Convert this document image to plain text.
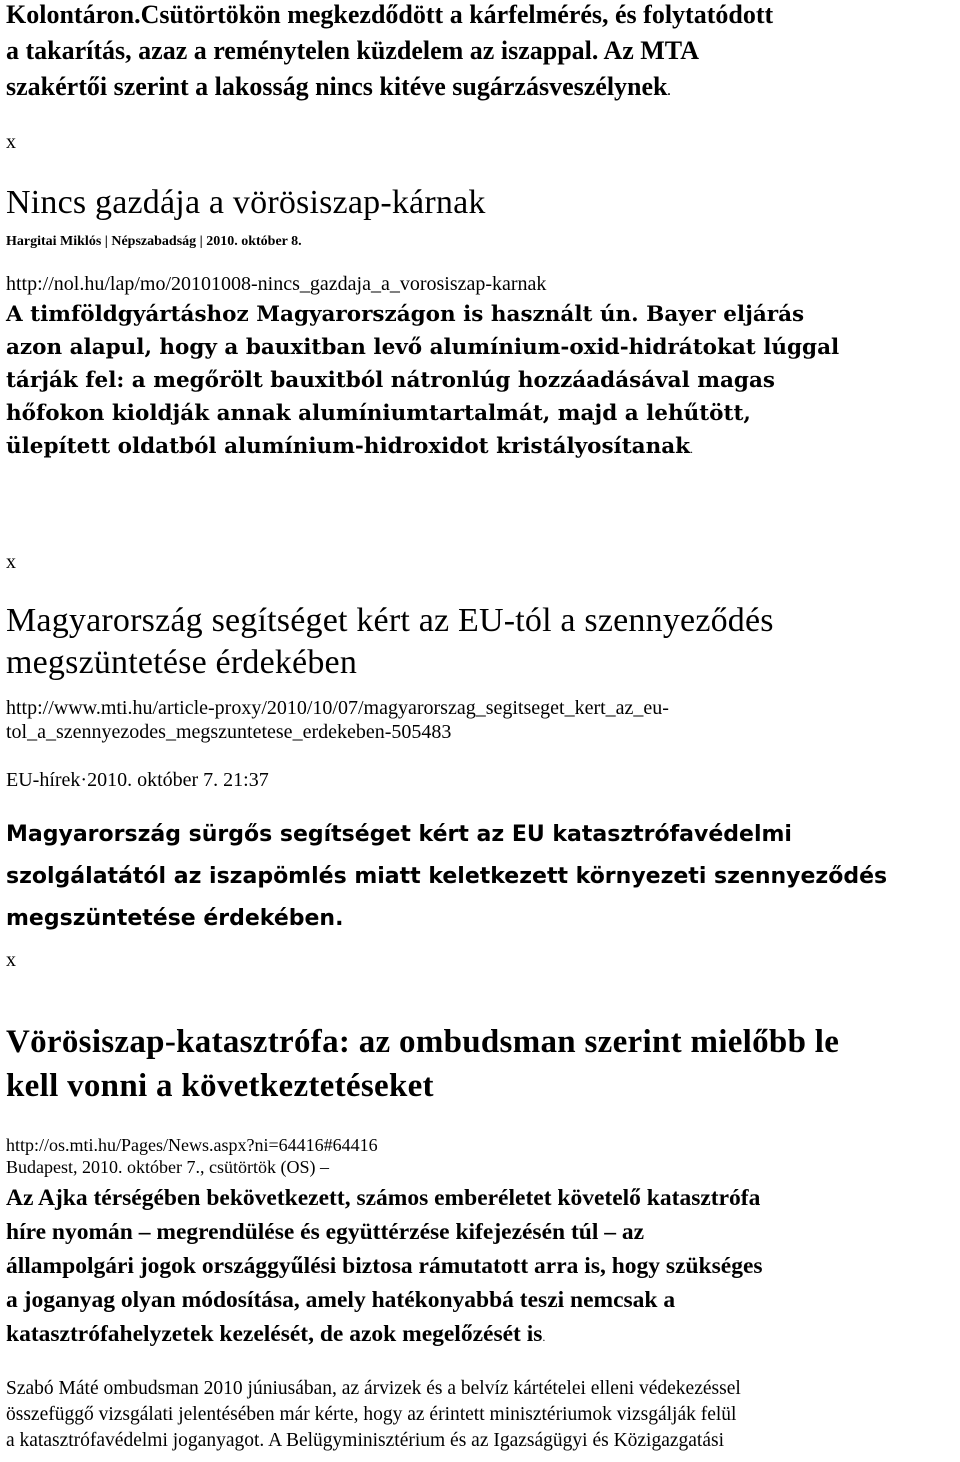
Kolontáron.Csütörtökön megkezdődött a kárfelmérés, és folytatódott

a takarítás, azaz a reménytelen küzdelem az iszappal. Az MTA

szakértői szerint a lakosság nincs kitéve sugárzásveszélynek.

x

Nincs gazdája a vörösiszap-kárnak

Hargitai Miklós | Népszabadság | 2010. október 8.

http://nol.hu/lap/mo/20101008-nincs_gazdaja_a_vorosiszap-karnak

A timföldgyártáshoz Magyarországon is használt ún. Bayer eljárás

azon alapul, hogy a bauxitban levő alumínium-oxid-hidrátokat lúggal

tárják fel: a megőrölt bauxitból nátronlúg hozzáadásával magas

hőfokon kioldják annak alumíniumtartalmát, majd a lehűtött,

ülepített oldatból alumínium-hidroxidot kristályosítanak.

x

Magyarország segítséget kért az EU-tól a szennyeződés
megszüntetése érdekében

http://www.mti.hu/article-proxy/2010/10/07/magyarorszag_segitseget_kert_az_eu-

tol_a_szennyezodes_megszuntetese_erdekeben-505483

EU-hírek·2010. október 7. 21:37

Magyarország sürgős segítséget kért az EU katasztrófavédelmi

szolgálatától az iszapömlés miatt keletkezett környezeti szennyeződés

megszüntetése érdekében.

x

Vörösiszap-katasztrófa: az ombudsman szerint mielőbb le
kell vonni a következtetéseket

http://os.mti.hu/Pages/News.aspx?ni=64416#64416

Budapest, 2010. október 7., csütörtök (OS) –

Az Ajka térségében bekövetkezett, számos emberéletet követelő katasztrófa

híre nyomán – megrendülése és együttérzése kifejezésén túl – az

állampolgári jogok országgyűlési biztosa rámutatott arra is, hogy szükséges

a joganyag olyan módosítása, amely hatékonyabbá teszi nemcsak a

katasztrófahelyzetek kezelését, de azok megelőzését is.

Szabó Máté ombudsman 2010 júniusában, az árvizek és a belvíz kártételei elleni védekezéssel

összefüggő vizsgálati jelentésében már kérte, hogy az érintett minisztériumok vizsgálják felül

a katasztrófavédelmi joganyagot. A Belügyminisztérium és az Igazságügyi és Közigazgatási
